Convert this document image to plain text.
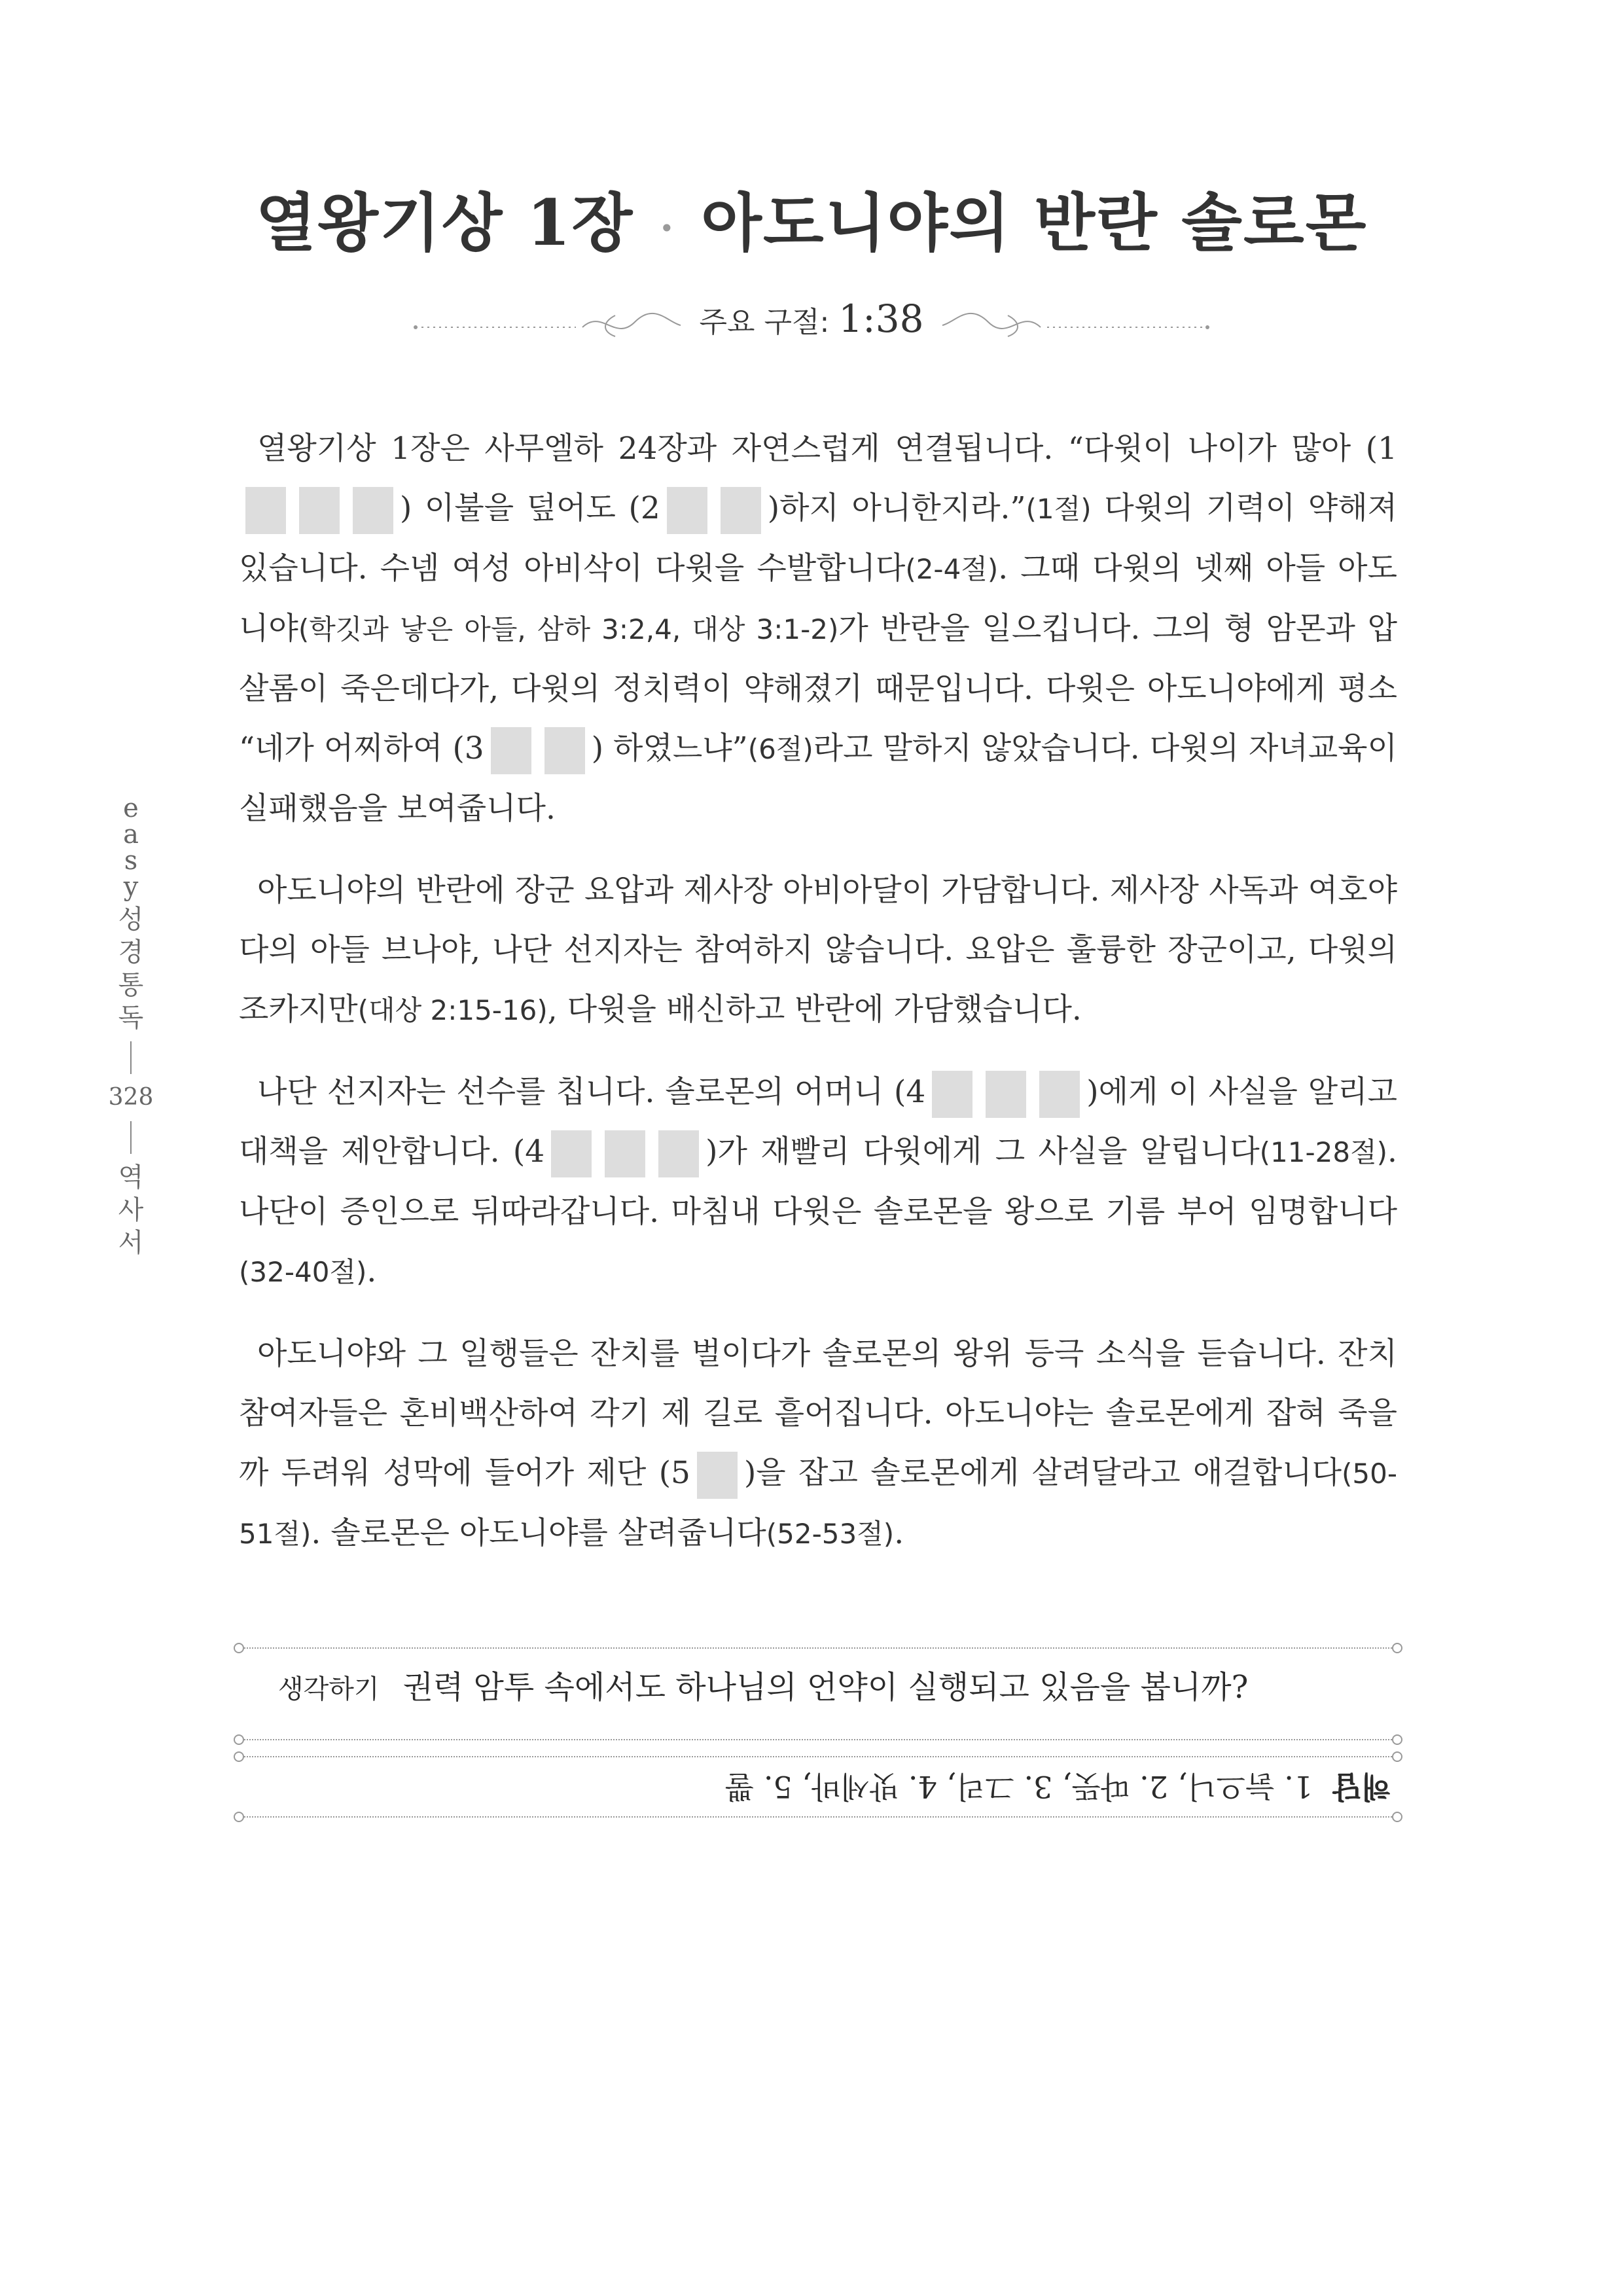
열왕기상 1장 · 아도니야의 반란 솔로몬
주요 구절: 1:38
e
a
s
y
성
경
통
독
328
역
사
서

열왕기상 1장은 사무엘하 24장과 자연스럽게 연결됩니다. “다윗이 나이가 많아 (1) 이불을 덮어도 (2	)하지 아니한지라.”(1절) 다윗의 기력이 약해져 있습니다. 수넴 여성 아비삭이 다윗을 수발합니다(2-4절). 그때 다윗의 넷째 아들 아도니야(학깃과 낳은 아들, 삼하 3:2,4, 대상 3:1-2)가 반란을 일으킵니다. 그의 형 암몬과 압살롬이 죽은데다가, 다윗의 정치력이 약해졌기 때문입니다. 다윗은 아도니야에게 평소 “네가 어찌하여 (3	) 하였느냐”(6절)라고 말하지 않았습니다. 다윗의 자녀교육이 실패했음을 보여줍니다.

아도니야의 반란에 장군 요압과 제사장 아비아달이 가담합니다. 제사장 사독과 여호야다의 아들 브나야, 나단 선지자는 참여하지 않습니다. 요압은 훌륭한 장군이고, 다윗의 조카지만(대상 2:15-16), 다윗을 배신하고 반란에 가담했습니다.

나단 선지자는 선수를 칩니다. 솔로몬의 어머니 (4	)에게 이 사실을 알리고 대책을 제안합니다. (4	)가 재빨리 다윗에게 그 사실을 알립니다(11-28절). 나단이 증인으로 뒤따라갑니다. 마침내 다윗은 솔로몬을 왕으로 기름 부어 임명합니다(32-40절).

아도니야와 그 일행들은 잔치를 벌이다가 솔로몬의 왕위 등극 소식을 듣습니다. 잔치 참여자들은 혼비백산하여 각기 제 길로 흩어집니다. 아도니야는 솔로몬에게 잡혀 죽을까 두려워 성막에 들어가 제단 (5 )을 잡고 솔로몬에게 살려달라고 애걸합니다(50-51절). 솔로몬은 아도니야를 살려줍니다(52-53절).

생각하기 권력 암투 속에서도 하나님의 언약이 실행되고 있음을 봅니까?
해답1. 늙으니, 2. 따뜻, 3. 그리, 4. 밧세바, 5. 뿔
